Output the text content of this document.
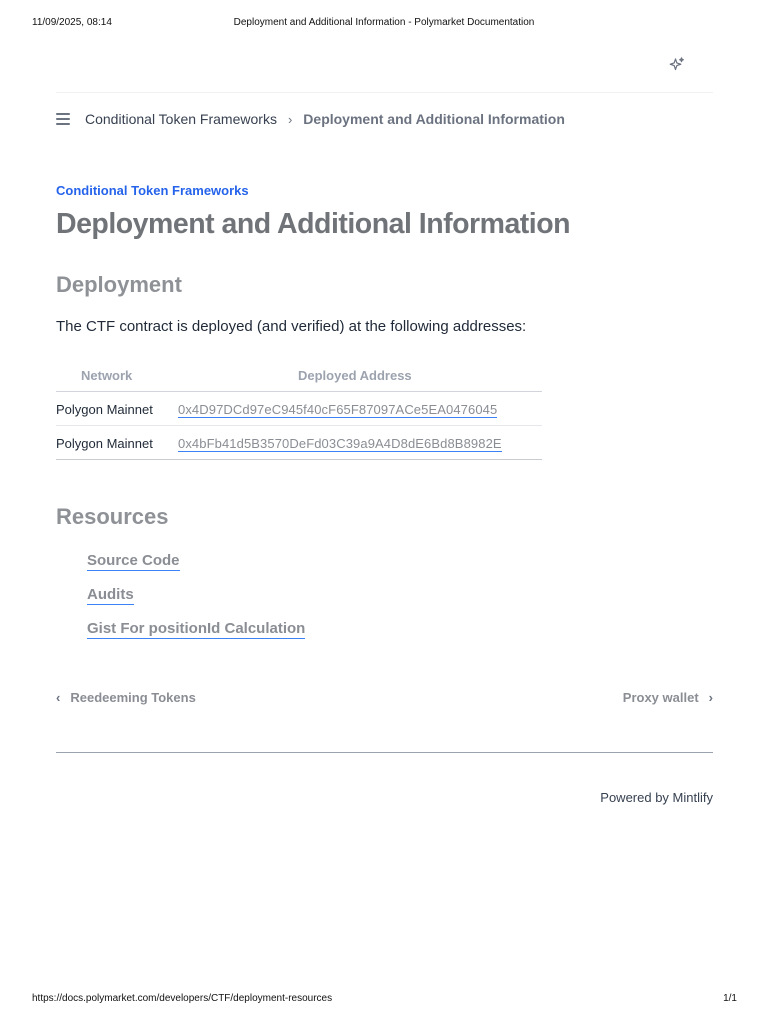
11/09/2025, 08:14	Deployment and Additional Information - Polymarket Documentation
Conditional Token Frameworks › Deployment and Additional Information
Conditional Token Frameworks
Deployment and Additional Information
Deployment

The CTF contract is deployed (and verified) at the following addresses:

Network	Deployed Address
Polygon Mainnet 0x4D97DCd97eC945f40cF65F87097ACe5EA0476045
Polygon Mainnet 0x4bFb41d5B3570DeFd03C39a9A4D8dE6Bd8B8982E
Resources
Source Code
Audits
Gist For positionId Calculation
‹ Reedeeming Tokens	Proxy wallet ›
Powered by Mintlify
https://docs.polymarket.com/developers/CTF/deployment-resources	1/1
